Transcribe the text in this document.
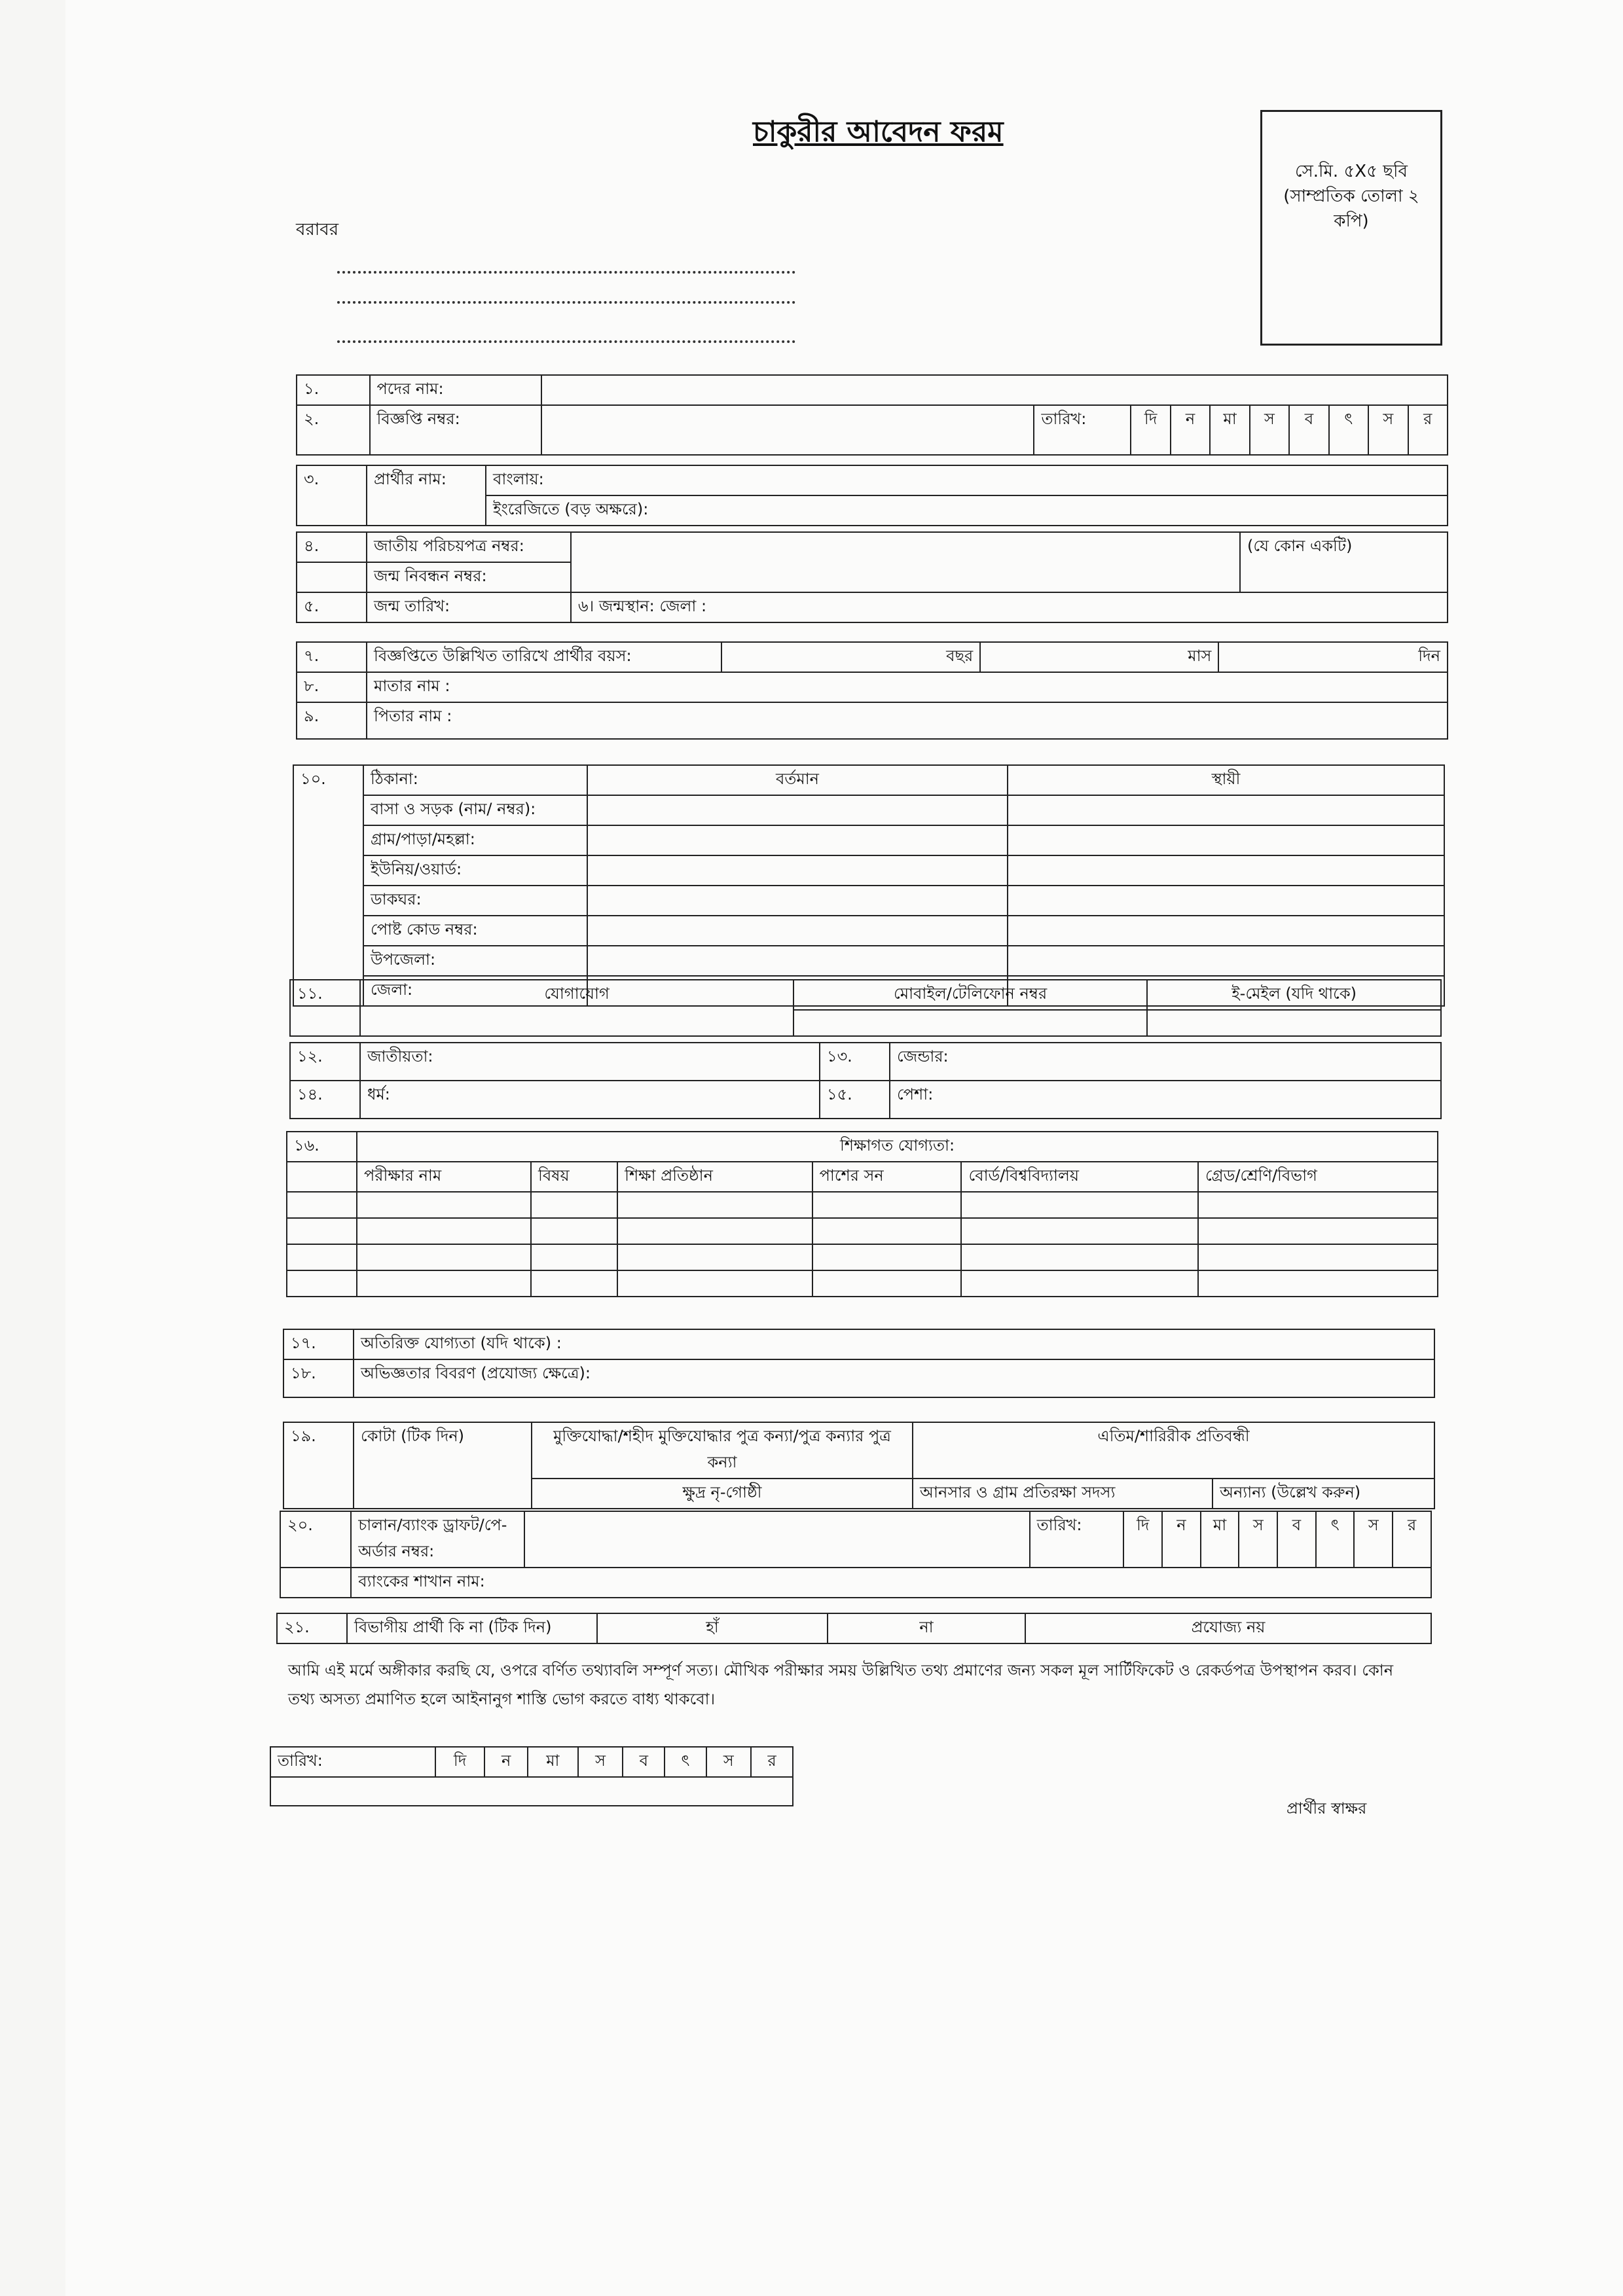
চাকুরীর আবেদন ফরম
সে.মি. ৫X৫ ছবি
(সাম্প্রতিক তোলা ২
কপি)
বরাবর
১.	পদের নাম:										
২.	বিজ্ঞপ্তি নম্বর:		তারিখ:	দি	ন	মা	স	ব	ৎ	স	র
৩.	প্রার্থীর নাম:	বাংলায়:
ইংরেজিতে (বড় অক্ষরে):
৪.	জাতীয় পরিচয়পত্র নম্বর:		(যে কোন একটি)
	জন্ম নিবন্ধন নম্বর:		
৫.	জন্ম তারিখ:	৬। জন্মস্থান: জেলা :	
৭.	বিজ্ঞপ্তিতে উল্লিখিত তারিখে প্রার্থীর বয়স:	বছর	মাস	দিন
৮.	মাতার নাম :			
৯.	পিতার নাম :			
১০.	ঠিকানা:	বর্তমান	স্থায়ী
	বাসা ও সড়ক (নাম/ নম্বর):		
	গ্রাম/পাড়া/মহল্লা:		
	ইউনিয়/ওয়ার্ড:		
	ডাকঘর:		
	পোষ্ট কোড নম্বর:		
	উপজেলা:		
	জেলা:		
১১.	যোগাযোগ	মোবাইল/টেলিফোন নম্বর	ই-মেইল (যদি থাকে)

১২.	জাতীয়তা:	১৩.	জেন্ডার:
১৪.	ধর্ম:	১৫.	পেশা:
১৬.	শিক্ষাগত যোগ্যতা:					
	পরীক্ষার নাম	বিষয়	শিক্ষা প্রতিষ্ঠান	পাশের সন	বোর্ড/বিশ্ববিদ্যালয়	গ্রেড/শ্রেণি/বিভাগ

১৭.	অতিরিক্ত যোগ্যতা (যদি থাকে) :
১৮.	অভিজ্ঞতার বিবরণ (প্রযোজ্য ক্ষেত্রে):
১৯.	কোটা (টিক দিন)	মুক্তিযোদ্ধা/শহীদ মুক্তিযোদ্ধার পুত্র কন্যা/পুত্র কন্যার পুত্র কন্যা	এতিম/শারিরীক প্রতিবন্ধী	
		ক্ষুদ্র নৃ-গোষ্ঠী	আনসার ও গ্রাম প্রতিরক্ষা সদস্য	অন্যান্য (উল্লেখ করুন)
২০.	চালান/ব্যাংক ড্রাফট/পে-অর্ডার নম্বর:		তারিখ:	দি	ন	মা	স	ব	ৎ	স	র
	ব্যাংকের শাখান নাম:										
২১.	বিভাগীয় প্রার্থী কি না (টিক দিন)	হাঁ	না	প্রযোজ্য নয়
আমি এই মর্মে অঙ্গীকার করছি যে, ওপরে বর্ণিত তথ্যাবলি সম্পূর্ণ সত্য। মৌখিক পরীক্ষার সময় উল্লিখিত তথ্য প্রমাণের জন্য সকল মূল সার্টিফিকেট ও রেকর্ডপত্র উপস্থাপন করব। কোন তথ্য অসত্য প্রমাণিত হলে আইনানুগ শাস্তি ভোগ করতে বাধ্য থাকবো।
তারিখ:	দি	ন	মা	স	ব	ৎ	স	র

প্রার্থীর স্বাক্ষর
